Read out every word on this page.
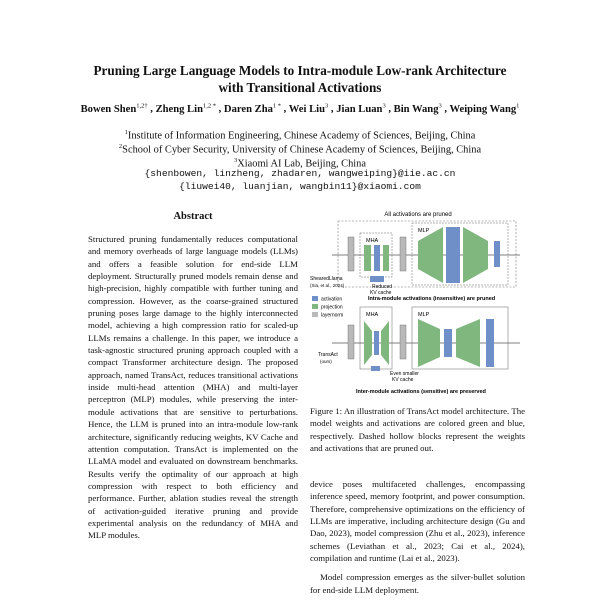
Pruning Large Language Models to Intra-module Low-rank Architecture
with Transitional Activations
Bowen Shen$^{1,2\dagger}$ , Zheng Lin$^{1,2 *}$ , Daren Zha$^{1 *}$ , Wei Liu$^3$ , Jian Luan$^3$ , Bin Wang$^3$ , Weiping Wang$^1$
$^1$Institute of Information Engineering, Chinese Academy of Sciences, Beijing, China
$^2$School of Cyber Security, University of Chinese Academy of Sciences, Beijing, China
$^3$Xiaomi AI Lab, Beijing, China
{shenbowen, linzheng, zhadaren, wangweiping}@iie.ac.cn
{liuwei40, luanjian, wangbin11}@xiaomi.com
Abstract
Structured pruning fundamentally reduces computational and memory overheads of large language models (LLMs) and offers a feasible solution for end-side LLM deployment. Structurally pruned models remain dense and high-precision, highly compatible with further tuning and compression. However, as the coarse-grained structured pruning poses large damage to the highly interconnected model, achieving a high compression ratio for scaled-up LLMs remains a challenge. In this paper, we introduce a task-agnostic structured pruning approach coupled with a compact Transformer architecture design. The proposed approach, named TransAct, reduces transitional activations inside multi-head attention (MHA) and multi-layer perceptron (MLP) modules, while preserving the inter-module activations that are sensitive to perturbations. Hence, the LLM is pruned into an intra-module low-rank architecture, significantly reducing weights, KV Cache and attention computation. TransAct is implemented on the LLaMA model and evaluated on downstream benchmarks. Results verify the optimality of our approach at high compression with respect to both efficiency and performance. Further, ablation studies reveal the strength of activation-guided iterative pruning and provide experimental analysis on the redundancy of MHA and MLP modules.
All activations are pruned
MHA
MLP
ShearedLlama
(Xia, et al., 2024)	Reduced
KV cache
activation
projection
layernorm
Intra-module activations (insensitive) are pruned
MHA	MLP
TransAct
(ours)
Even smaller
KV cache
Inter-module activations (sensitive) are preserved
Figure 1: An illustration of TransAct model architecture. The model weights and activations are colored green and blue, respectively. Dashed hollow blocks represent the weights and activations that are pruned out.

device poses multifaceted challenges, encompassing inference speed, memory footprint, and power consumption. Therefore, comprehensive optimizations on the efficiency of LLMs are imperative, including architecture design (Gu and Dao, 2023), model compression (Zhu et al., 2023), inference schemes (Leviathan et al., 2023; Cai et al., 2024), compilation and runtime (Lai et al., 2023).

Model compression emerges as the silver-bullet solution for end-side LLM deployment.
